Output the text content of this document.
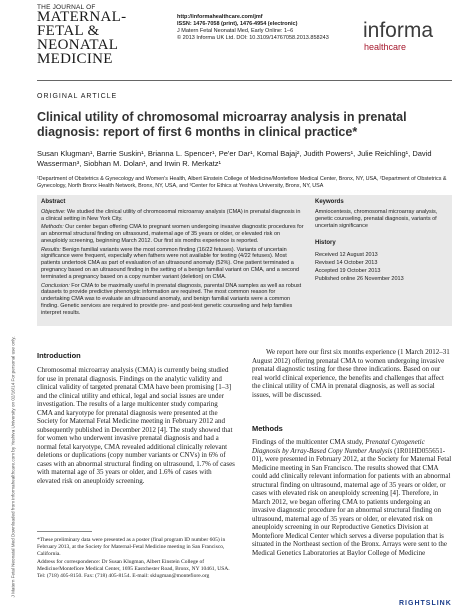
THE JOURNAL OF
MATERNAL-FETAL & NEONATAL MEDICINE
http://informahealthcare.com/jmf
ISSN: 1476-7058 (print), 1476-4954 (electronic)
J Matern Fetal Neonatal Med, Early Online: 1–6
© 2013 Informa UK Ltd. DOI: 10.3109/14767058.2013.858243 informa
healthcare
ORIGINAL ARTICLE
Clinical utility of chromosomal microarray analysis in prenatal diagnosis: report of first 6 months in clinical practice*
Susan Klugman¹, Barrie Suskin¹, Brianna L. Spencer¹, Pe'er Dar¹, Komal Bajaj², Judith Powers¹, Julie Reichling¹, David Wasserman³, Siobhan M. Dolan¹, and Irwin R. Merkatz¹
¹Department of Obstetrics & Gynecology and Women's Health, Albert Einstein College of Medicine/Montefiore Medical Center, Bronx, NY, USA, ²Department of Obstetrics & Gynecology, North Bronx Health Network, Bronx, NY, USA, and ³Center for Ethics at Yeshiva University, Bronx, NY, USA
Abstract

Objective: We studied the clinical utility of chromosomal microarray analysis (CMA) in prenatal diagnosis in a clinical setting in New York City.

Methods: Our center began offering CMA to pregnant women undergoing invasive diagnostic procedures for an abnormal structural finding on ultrasound, maternal age of 35 years or older, or elevated risk on aneuploidy screening, beginning March 2012. Our first six months experience is reported.

Results: Benign familial variants were the most common finding (16/22 fetuses). Variants of uncertain significance were frequent, especially when fathers were not available for testing (4/22 fetuses). Most patients undertook CMA as part of evaluation of an ultrasound anomaly (52%). One patient terminated a pregnancy based on an ultrasound finding in the setting of a benign familial variant on CMA, and a second terminated a pregnancy based on a copy number variant (deletion) on CMA.

Conclusion: For CMA to be maximally useful in prenatal diagnosis, parental DNA samples as well as robust datasets to provide predictive phenotypic information are required. The most common reason for undertaking CMA was to evaluate an ultrasound anomaly, and benign familial variants were a common finding. Genetic services are required to provide pre- and post-test genetic counseling and help families interpret results.

Keywords
Amniocentesis, chromosomal microarray analysis, genetic counseling, prenatal diagnosis, variants of uncertain significance
History
Received 12 August 2013
Revised 14 October 2013
Accepted 19 October 2013
Published online 26 November 2013
Introduction
Chromosomal microarray analysis (CMA) is currently being studied for use in prenatal diagnosis. Findings on the analytic validity and clinical validity of targeted prenatal CMA have been promising [1–3] and the clinical utility and ethical, legal and social issues are under investigation. The results of a large multicenter study comparing CMA and karyotype for prenatal diagnosis were presented at the Society for Maternal Fetal Medicine meeting in February 2012 and subsequently published in December 2012 [4]. The study showed that for women who underwent invasive prenatal diagnosis and had a normal fetal karyotype, CMA revealed additional clinically relevant deletions or duplications (copy number variants or CNVs) in 6% of cases with an abnormal structural finding on ultrasound, 1.7% of cases with maternal age of 35 years or older, and 1.6% of cases with elevated risk on aneuploidy screening.

*These preliminary data were presented as a poster (final program ID number 605) in February 2013, at the Society for Maternal-Fetal Medicine meeting in San Francisco, California.

Address for correspondence: Dr Susan Klugman, Albert Einstein College of Medicine/Montefiore Medical Center, 1695 Eastchester Road, Bronx, NY 10461, USA. Tel: (718) 405-8150. Fax: (718) 405-8154. E-mail: sklugman@montefiore.org

We report here our first six months experience (1 March 2012–31 August 2012) offering prenatal CMA to women undergoing invasive prenatal diagnostic testing for these three indications. Based on our real world clinical experience, the benefits and challenges that affect the clinical utility of CMA in prenatal diagnosis, as well as social issues, will be discussed.
Methods
Findings of the multicenter CMA study, Prenatal Cytogenetic Diagnosis by Array-Based Copy Number Analysis (1R01HD055651-01), were presented in February 2012, at the Society for Maternal Fetal Medicine meeting in San Francisco. The results showed that CMA could add clinically relevant information for patients with an abnormal structural finding on ultrasound, maternal age of 35 years or older, or cases with elevated risk on aneuploidy screening [4]. Therefore, in March 2012, we began offering CMA to patients undergoing an invasive diagnostic procedure for an abnormal structural finding on ultrasound, maternal age of 35 years or older, or elevated risk on aneuploidy screening in our Reproductive Genetics Division at Montefiore Medical Center which serves a diverse population that is situated in the Northeast section of the Bronx. Arrays were sent to the Medical Genetics Laboratories at Baylor College of Medicine
J Matern Fetal Neonatal Med Downloaded from informahealthcare.com by Yeshiva University on 02/16/14 For personal use only.
RIGHTSLINK
